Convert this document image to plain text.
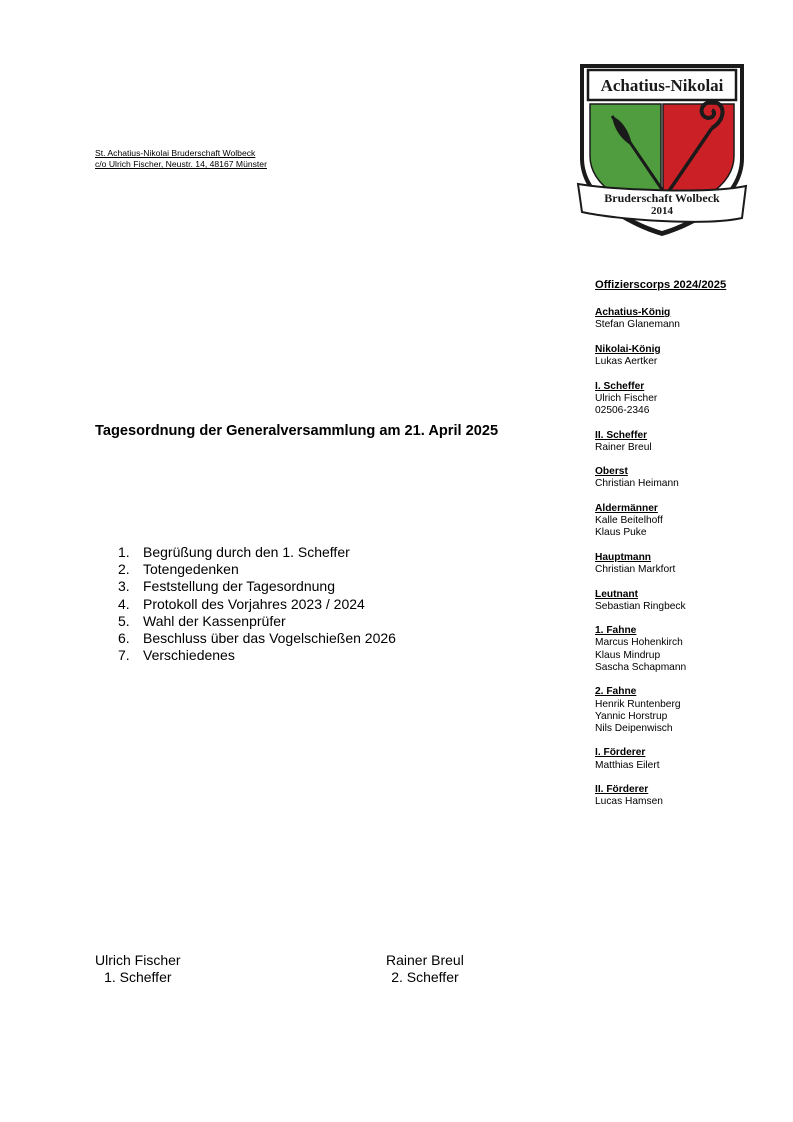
St. Achatius-Nikolai Bruderschaft Wolbeck
c/o Ulrich Fischer, Neustr. 14, 48167 Münster
Achatius-Nikolai
Bruderschaft Wolbeck
2014
Tagesordnung der Generalversammlung am 21. April 2025
1. Begrüßung durch den 1. Scheffer
2. Totengedenken
3. Feststellung der Tagesordnung
4. Protokoll des Vorjahres 2023 / 2024
5. Wahl der Kassenprüfer
6. Beschluss über das Vogelschießen 2026
7. Verschiedenes
Offizierscorps 2024/2025
Achatius-König
Stefan Glanemann
Nikolai-König
Lukas Aertker
I. Scheffer
Ulrich Fischer
02506-2346
II. Scheffer
Rainer Breul
Oberst
Christian Heimann
Aldermänner
Kalle Beitelhoff
Klaus Puke
Hauptmann
Christian Markfort
Leutnant
Sebastian Ringbeck
1. Fahne
Marcus Hohenkirch
Klaus Mindrup
Sascha Schapmann
2. Fahne
Henrik Runtenberg
Yannic Horstrup
Nils Deipenwisch
I. Förderer
Matthias Eilert
II. Förderer
Lucas Hamsen
Ulrich Fischer
1. Scheffer
Rainer Breul
2. Scheffer
